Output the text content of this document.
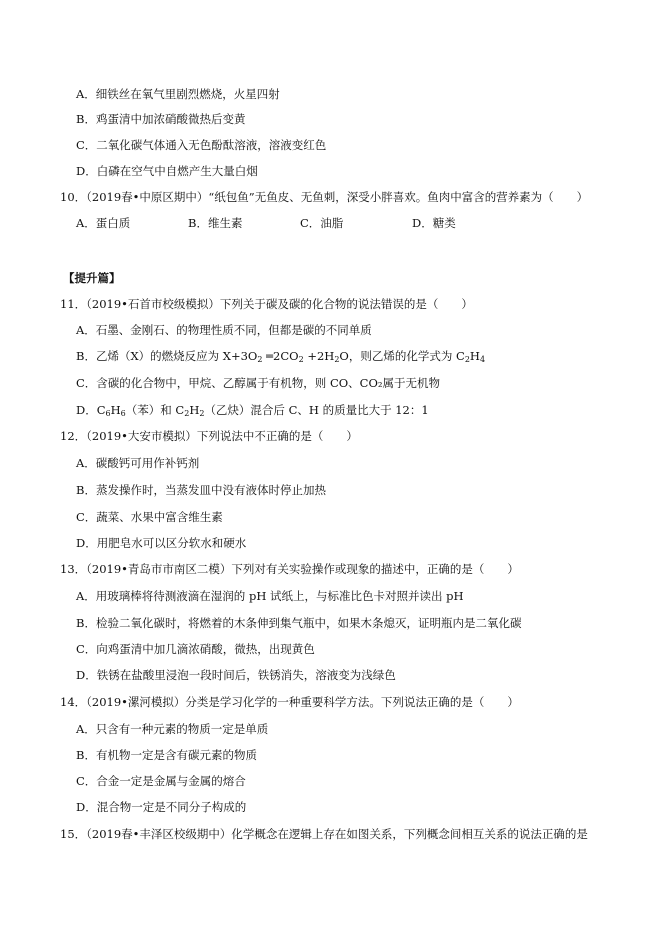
A．细铁丝在氧气里剧烈燃烧，火星四射
B．鸡蛋清中加浓硝酸微热后变黄
C．二氧化碳气体通入无色酚酞溶液，溶液变红色
D．白磷在空气中自燃产生大量白烟
10．（2019春•中原区期中）“纸包鱼”无鱼皮、无鱼刺，深受小胖喜欢。鱼肉中富含的营养素为（　　）
A．蛋白质	B．维生素	C．油脂	D．糖类
【提升篇】
11．（2019•石首市校级模拟）下列关于碳及碳的化合物的说法错误的是（　　）
A．石墨、金刚石、的物理性质不同，但都是碳的不同单质
B．乙烯（X）的燃烧反应为 $X+3O_2$ $═2CO_2 +2H_2O$，则乙烯的化学式为 $C_2H_4$
C．含碳的化合物中，甲烷、乙醇属于有机物，则 CO、CO₂属于无机物
D．$C_6H_6$（苯）和 $C_2H_2$（乙炔）混合后 C、H 的质量比大于 12：1
12．（2019•大安市模拟）下列说法中不正确的是（　　）
A．碳酸钙可用作补钙剂
B．蒸发操作时，当蒸发皿中没有液体时停止加热
C．蔬菜、水果中富含维生素
D．用肥皂水可以区分软水和硬水
13．（2019•青岛市市南区二模）下列对有关实验操作或现象的描述中，正确的是（　　）
A．用玻璃棒将待测液滴在湿润的 pH 试纸上，与标准比色卡对照并读出 pH
B．检验二氧化碳时，将燃着的木条伸到集气瓶中，如果木条熄灭，证明瓶内是二氧化碳
C．向鸡蛋清中加几滴浓硝酸，微热，出现黄色
D．铁锈在盐酸里浸泡一段时间后，铁锈消失，溶液变为浅绿色
14．（2019•漯河模拟）分类是学习化学的一种重要科学方法。下列说法正确的是（　　）
A．只含有一种元素的物质一定是单质
B．有机物一定是含有碳元素的物质
C．合金一定是金属与金属的熔合
D．混合物一定是不同分子构成的
15．（2019春•丰泽区校级期中）化学概念在逻辑上存在如图关系，下列概念间相互关系的说法正确的是
